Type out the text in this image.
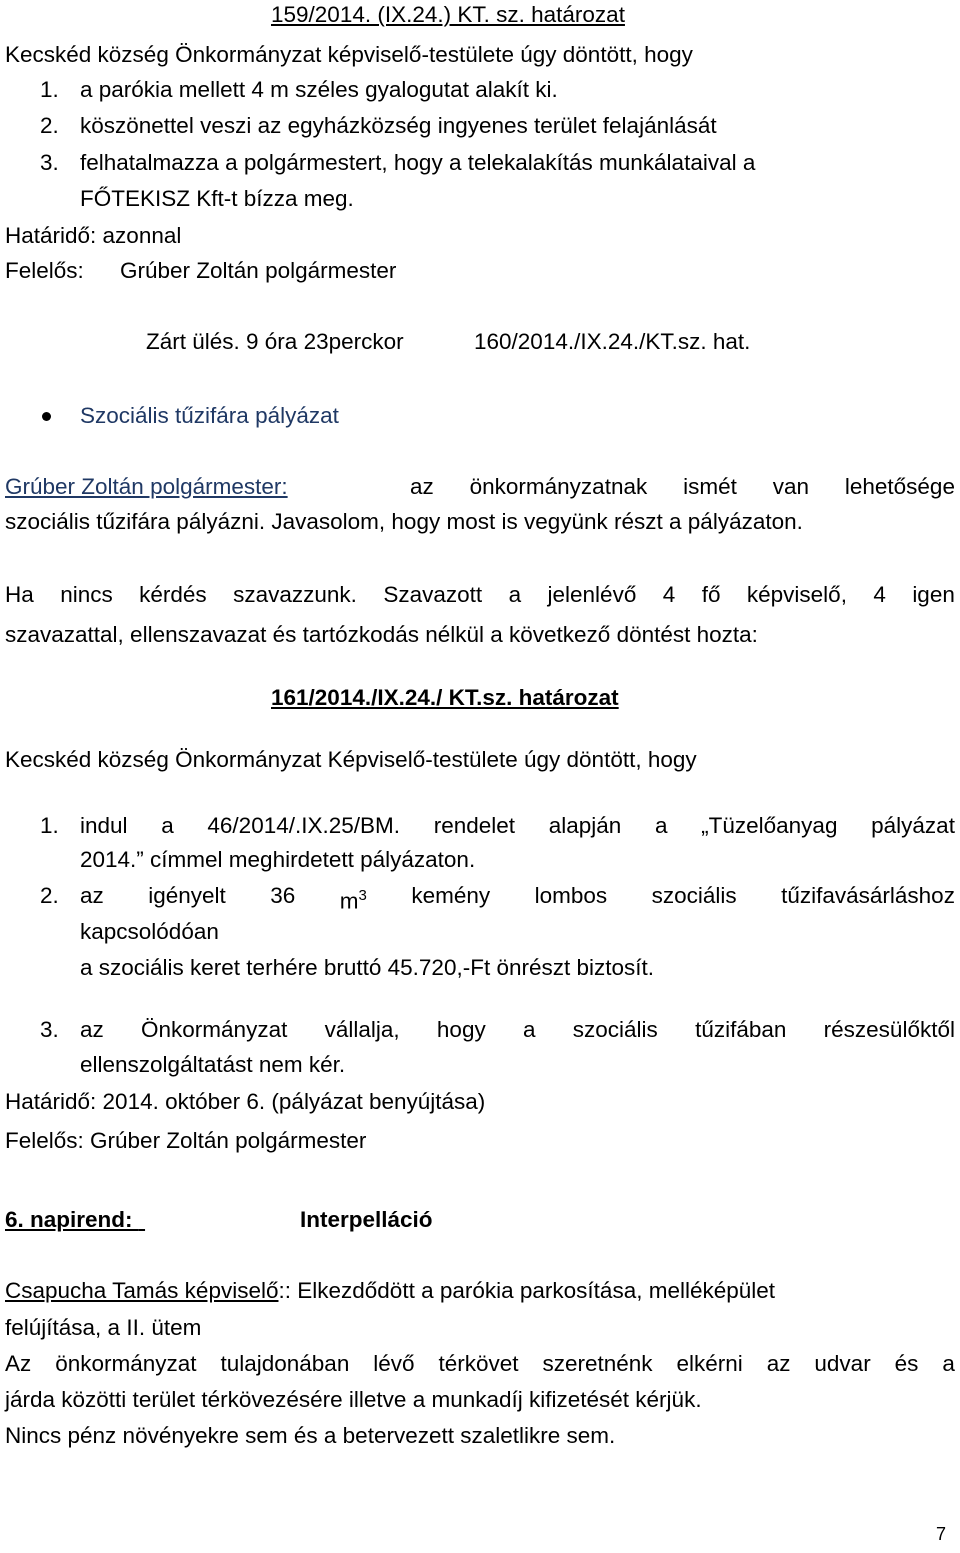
159/2014. (IX.24.) KT. sz. határozat
Kecskéd község Önkormányzat képviselő-testülete úgy döntött, hogy
1. a parókia mellett 4 m széles gyalogutat alakít ki.
2. köszönettel veszi az egyházközség ingyenes terület felajánlását
3. felhatalmazza a polgármestert, hogy a telekalakítás munkálataival a
FŐTEKISZ Kft-t bízza meg.
Határidő: azonnal
Felelős: Grúber Zoltán polgármester
Zárt ülés. 9 óra 23perckor	160/2014./IX.24./KT.sz. hat.
Szociális tűzifára pályázat
Grúber Zoltán polgármester:	az önkormányzatnak ismét van lehetősége
szociális tűzifára pályázni. Javasolom, hogy most is vegyünk részt a pályázaton.
Ha nincs kérdés szavazzunk. Szavazott a jelenlévő 4 fő képviselő, 4 igen
szavazattal, ellenszavazat és tartózkodás nélkül a következő döntést hozta:
161/2014./IX.24./ KT.sz. határozat
Kecskéd község Önkormányzat Képviselő-testülete úgy döntött, hogy
1. indul a 46/2014/.IX.25/BM. rendelet alapján a „Tüzelőanyag pályázat
2014.” címmel meghirdetett pályázaton.
2. az igényelt 36 $m^3$ kemény lombos szociális tűzifavásárláshoz
kapcsolódóan
a szociális keret terhére bruttó 45.720,-Ft önrészt biztosít.
3. az Önkormányzat vállalja, hogy a szociális tűzifában részesülőktől
ellenszolgáltatást nem kér.
Határidő: 2014. október 6. (pályázat benyújtása)
Felelős: Grúber Zoltán polgármester
6. napirend:	Interpelláció
Csapucha Tamás képviselő:: Elkezdődött a parókia parkosítása, melléképület
felújítása, a II. ütem
Az önkormányzat tulajdonában lévő térkövet szeretnénk elkérni az udvar és a
járda közötti terület térkövezésére illetve a munkadíj kifizetését kérjük.
Nincs pénz növényekre sem és a betervezett szaletlikre sem.
7
